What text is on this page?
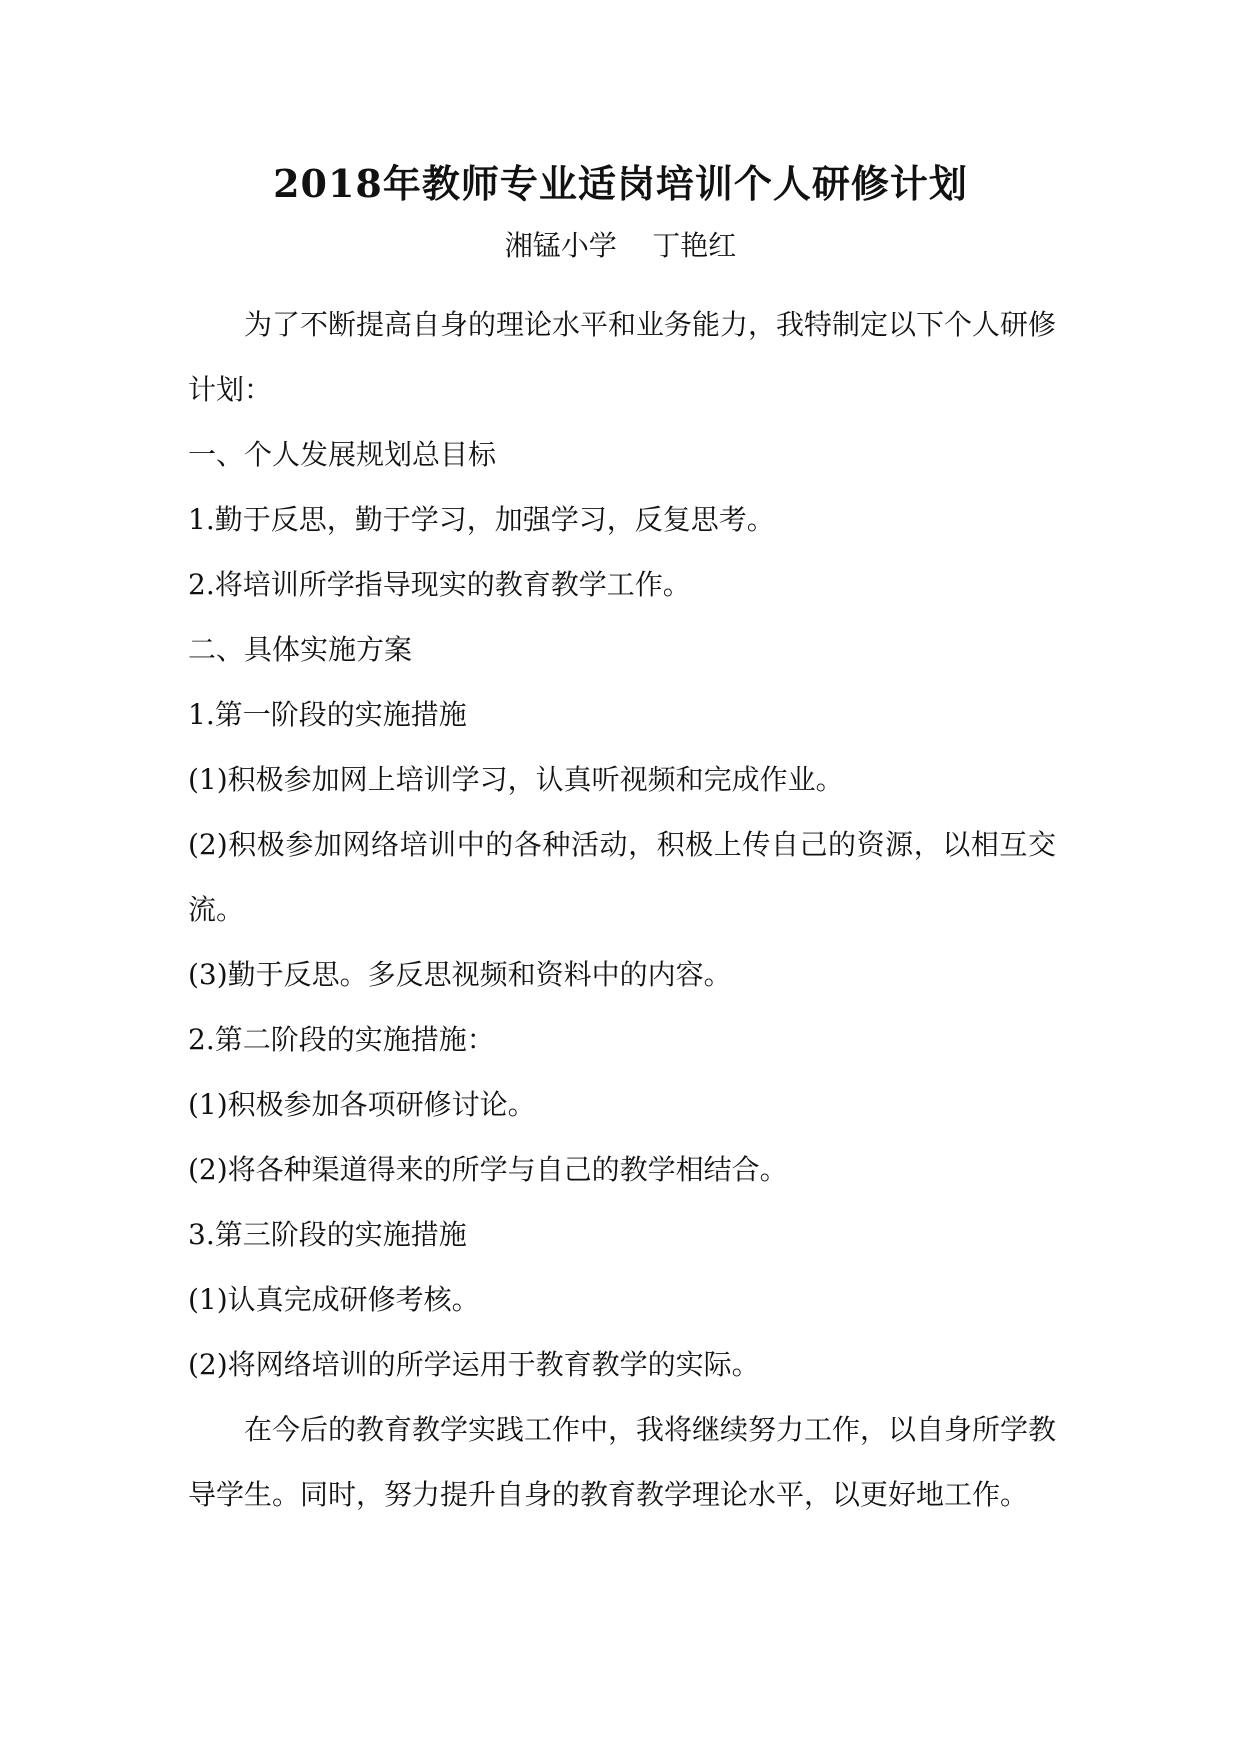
2018年教师专业适岗培训个人研修计划
湘锰小学    丁艳红

为了不断提高自身的理论水平和业务能力，我特制定以下个人研修计划：

一、个人发展规划总目标

1.勤于反思，勤于学习，加强学习，反复思考。

2.将培训所学指导现实的教育教学工作。

二、具体实施方案

1.第一阶段的实施措施

(1)积极参加网上培训学习，认真听视频和完成作业。

(2)积极参加网络培训中的各种活动，积极上传自己的资源，以相互交流。

(3)勤于反思。多反思视频和资料中的内容。

2.第二阶段的实施措施：

(1)积极参加各项研修讨论。

(2)将各种渠道得来的所学与自己的教学相结合。

3.第三阶段的实施措施

(1)认真完成研修考核。

(2)将网络培训的所学运用于教育教学的实际。

在今后的教育教学实践工作中，我将继续努力工作，以自身所学教导学生。同时，努力提升自身的教育教学理论水平，以更好地工作。
